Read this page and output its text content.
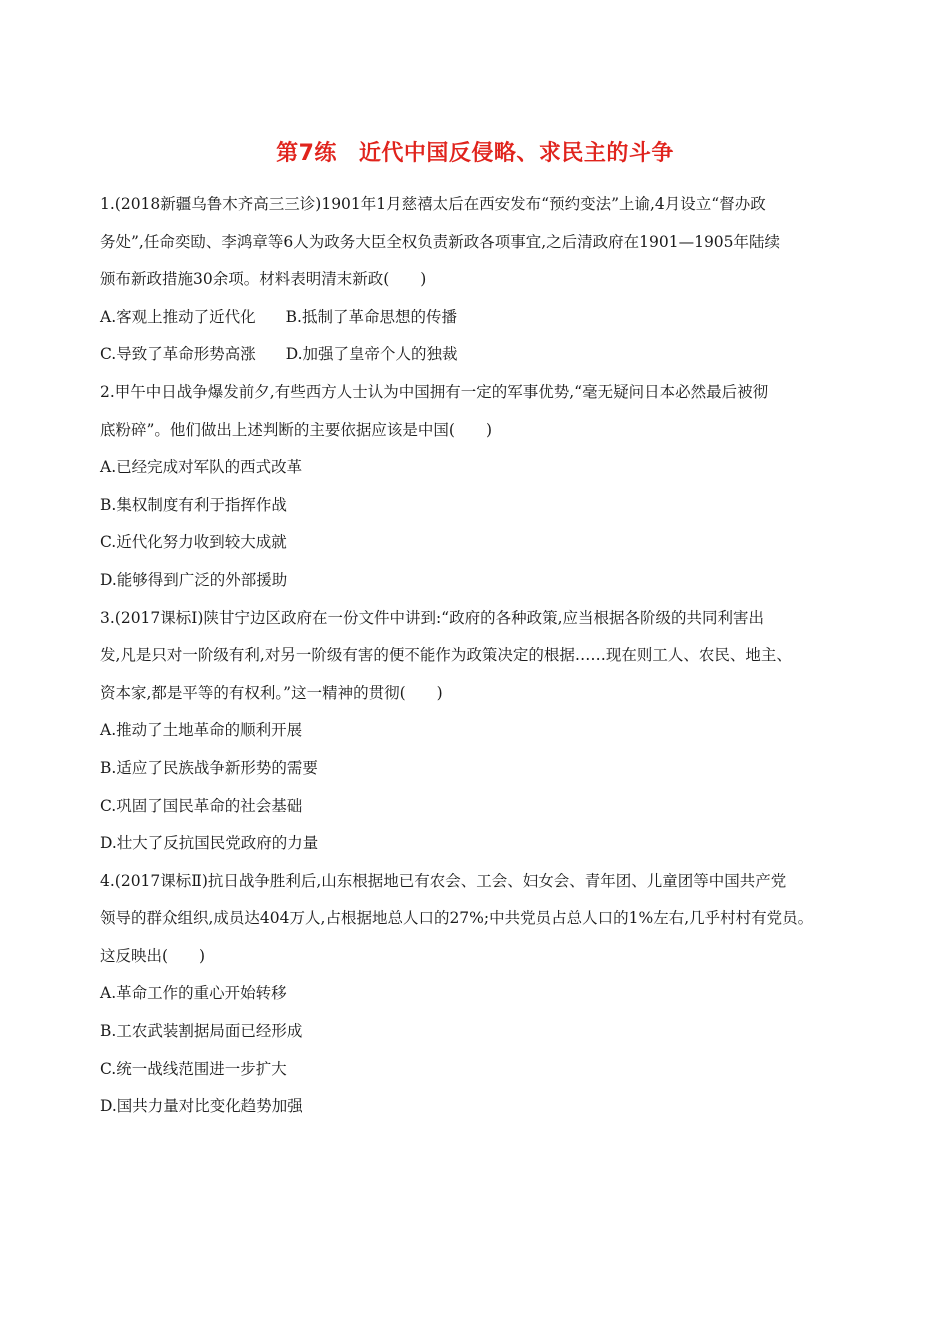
第7练 近代中国反侵略、求民主的斗争
1.(2018新疆乌鲁木齐高三三诊)1901年1月慈禧太后在西安发布“预约变法”上谕,4月设立“督办政
务处”,任命奕劻、李鸿章等6人为政务大臣全权负责新政各项事宜,之后清政府在1901—1905年陆续
颁布新政措施30余项。材料表明清末新政(　　)
A.客观上推动了近代化 B.抵制了革命思想的传播
C.导致了革命形势高涨 D.加强了皇帝个人的独裁
2.甲午中日战争爆发前夕,有些西方人士认为中国拥有一定的军事优势,“毫无疑问日本必然最后被彻
底粉碎”。他们做出上述判断的主要依据应该是中国(　　)
A.已经完成对军队的西式改革
B.集权制度有利于指挥作战
C.近代化努力收到较大成就
D.能够得到广泛的外部援助
3.(2017课标Ⅰ)陕甘宁边区政府在一份文件中讲到:“政府的各种政策,应当根据各阶级的共同利害出
发,凡是只对一阶级有利,对另一阶级有害的便不能作为政策决定的根据……现在则工人、农民、地主、
资本家,都是平等的有权利。”这一精神的贯彻(　　)
A.推动了土地革命的顺利开展
B.适应了民族战争新形势的需要
C.巩固了国民革命的社会基础
D.壮大了反抗国民党政府的力量
4.(2017课标Ⅱ)抗日战争胜利后,山东根据地已有农会、工会、妇女会、青年团、儿童团等中国共产党
领导的群众组织,成员达404万人,占根据地总人口的27%;中共党员占总人口的1%左右,几乎村村有党员。
这反映出(　　)
A.革命工作的重心开始转移
B.工农武装割据局面已经形成
C.统一战线范围进一步扩大
D.国共力量对比变化趋势加强
